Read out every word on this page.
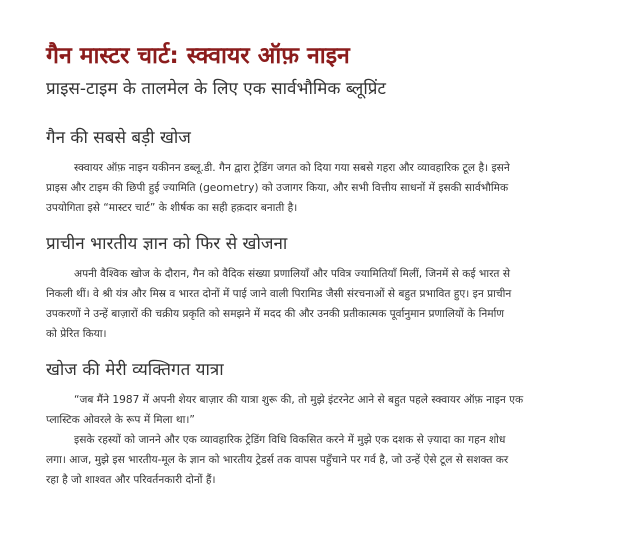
गैन मास्टर चार्ट: स्क्वायर ऑफ़ नाइन
प्राइस-टाइम के तालमेल के लिए एक सार्वभौमिक ब्लूप्रिंट
गैन की सबसे बड़ी खोज
स्क्वायर ऑफ़ नाइन यकीनन डब्लू.डी. गैन द्वारा ट्रेडिंग जगत को दिया गया सबसे गहरा और व्यावहारिक टूल है। इसने
प्राइस और टाइम की छिपी हुई ज्यामिति (geometry) को उजागर किया, और सभी वित्तीय साधनों में इसकी सार्वभौमिक
उपयोगिता इसे “मास्टर चार्ट” के शीर्षक का सही हक़दार बनाती है।
प्राचीन भारतीय ज्ञान को फिर से खोजना
अपनी वैश्विक खोज के दौरान, गैन को वैदिक संख्या प्रणालियाँ और पवित्र ज्यामितियाँ मिलीं, जिनमें से कई भारत से
निकली थीं। वे श्री यंत्र और मिस्र व भारत दोनों में पाई जाने वाली पिरामिड जैसी संरचनाओं से बहुत प्रभावित हुए। इन प्राचीन
उपकरणों ने उन्हें बाज़ारों की चक्रीय प्रकृति को समझने में मदद की और उनकी प्रतीकात्मक पूर्वानुमान प्रणालियों के निर्माण
को प्रेरित किया।
खोज की मेरी व्यक्तिगत यात्रा
“जब मैंने 1987 में अपनी शेयर बाज़ार की यात्रा शुरू की, तो मुझे इंटरनेट आने से बहुत पहले स्क्वायर ऑफ़ नाइन एक
प्लास्टिक ओवरले के रूप में मिला था।”
इसके रहस्यों को जानने और एक व्यावहारिक ट्रेडिंग विधि विकसित करने में मुझे एक दशक से ज़्यादा का गहन शोध
लगा। आज, मुझे इस भारतीय-मूल के ज्ञान को भारतीय ट्रेडर्स तक वापस पहुँचाने पर गर्व है, जो उन्हें ऐसे टूल से सशक्त कर
रहा है जो शाश्वत और परिवर्तनकारी दोनों हैं।
